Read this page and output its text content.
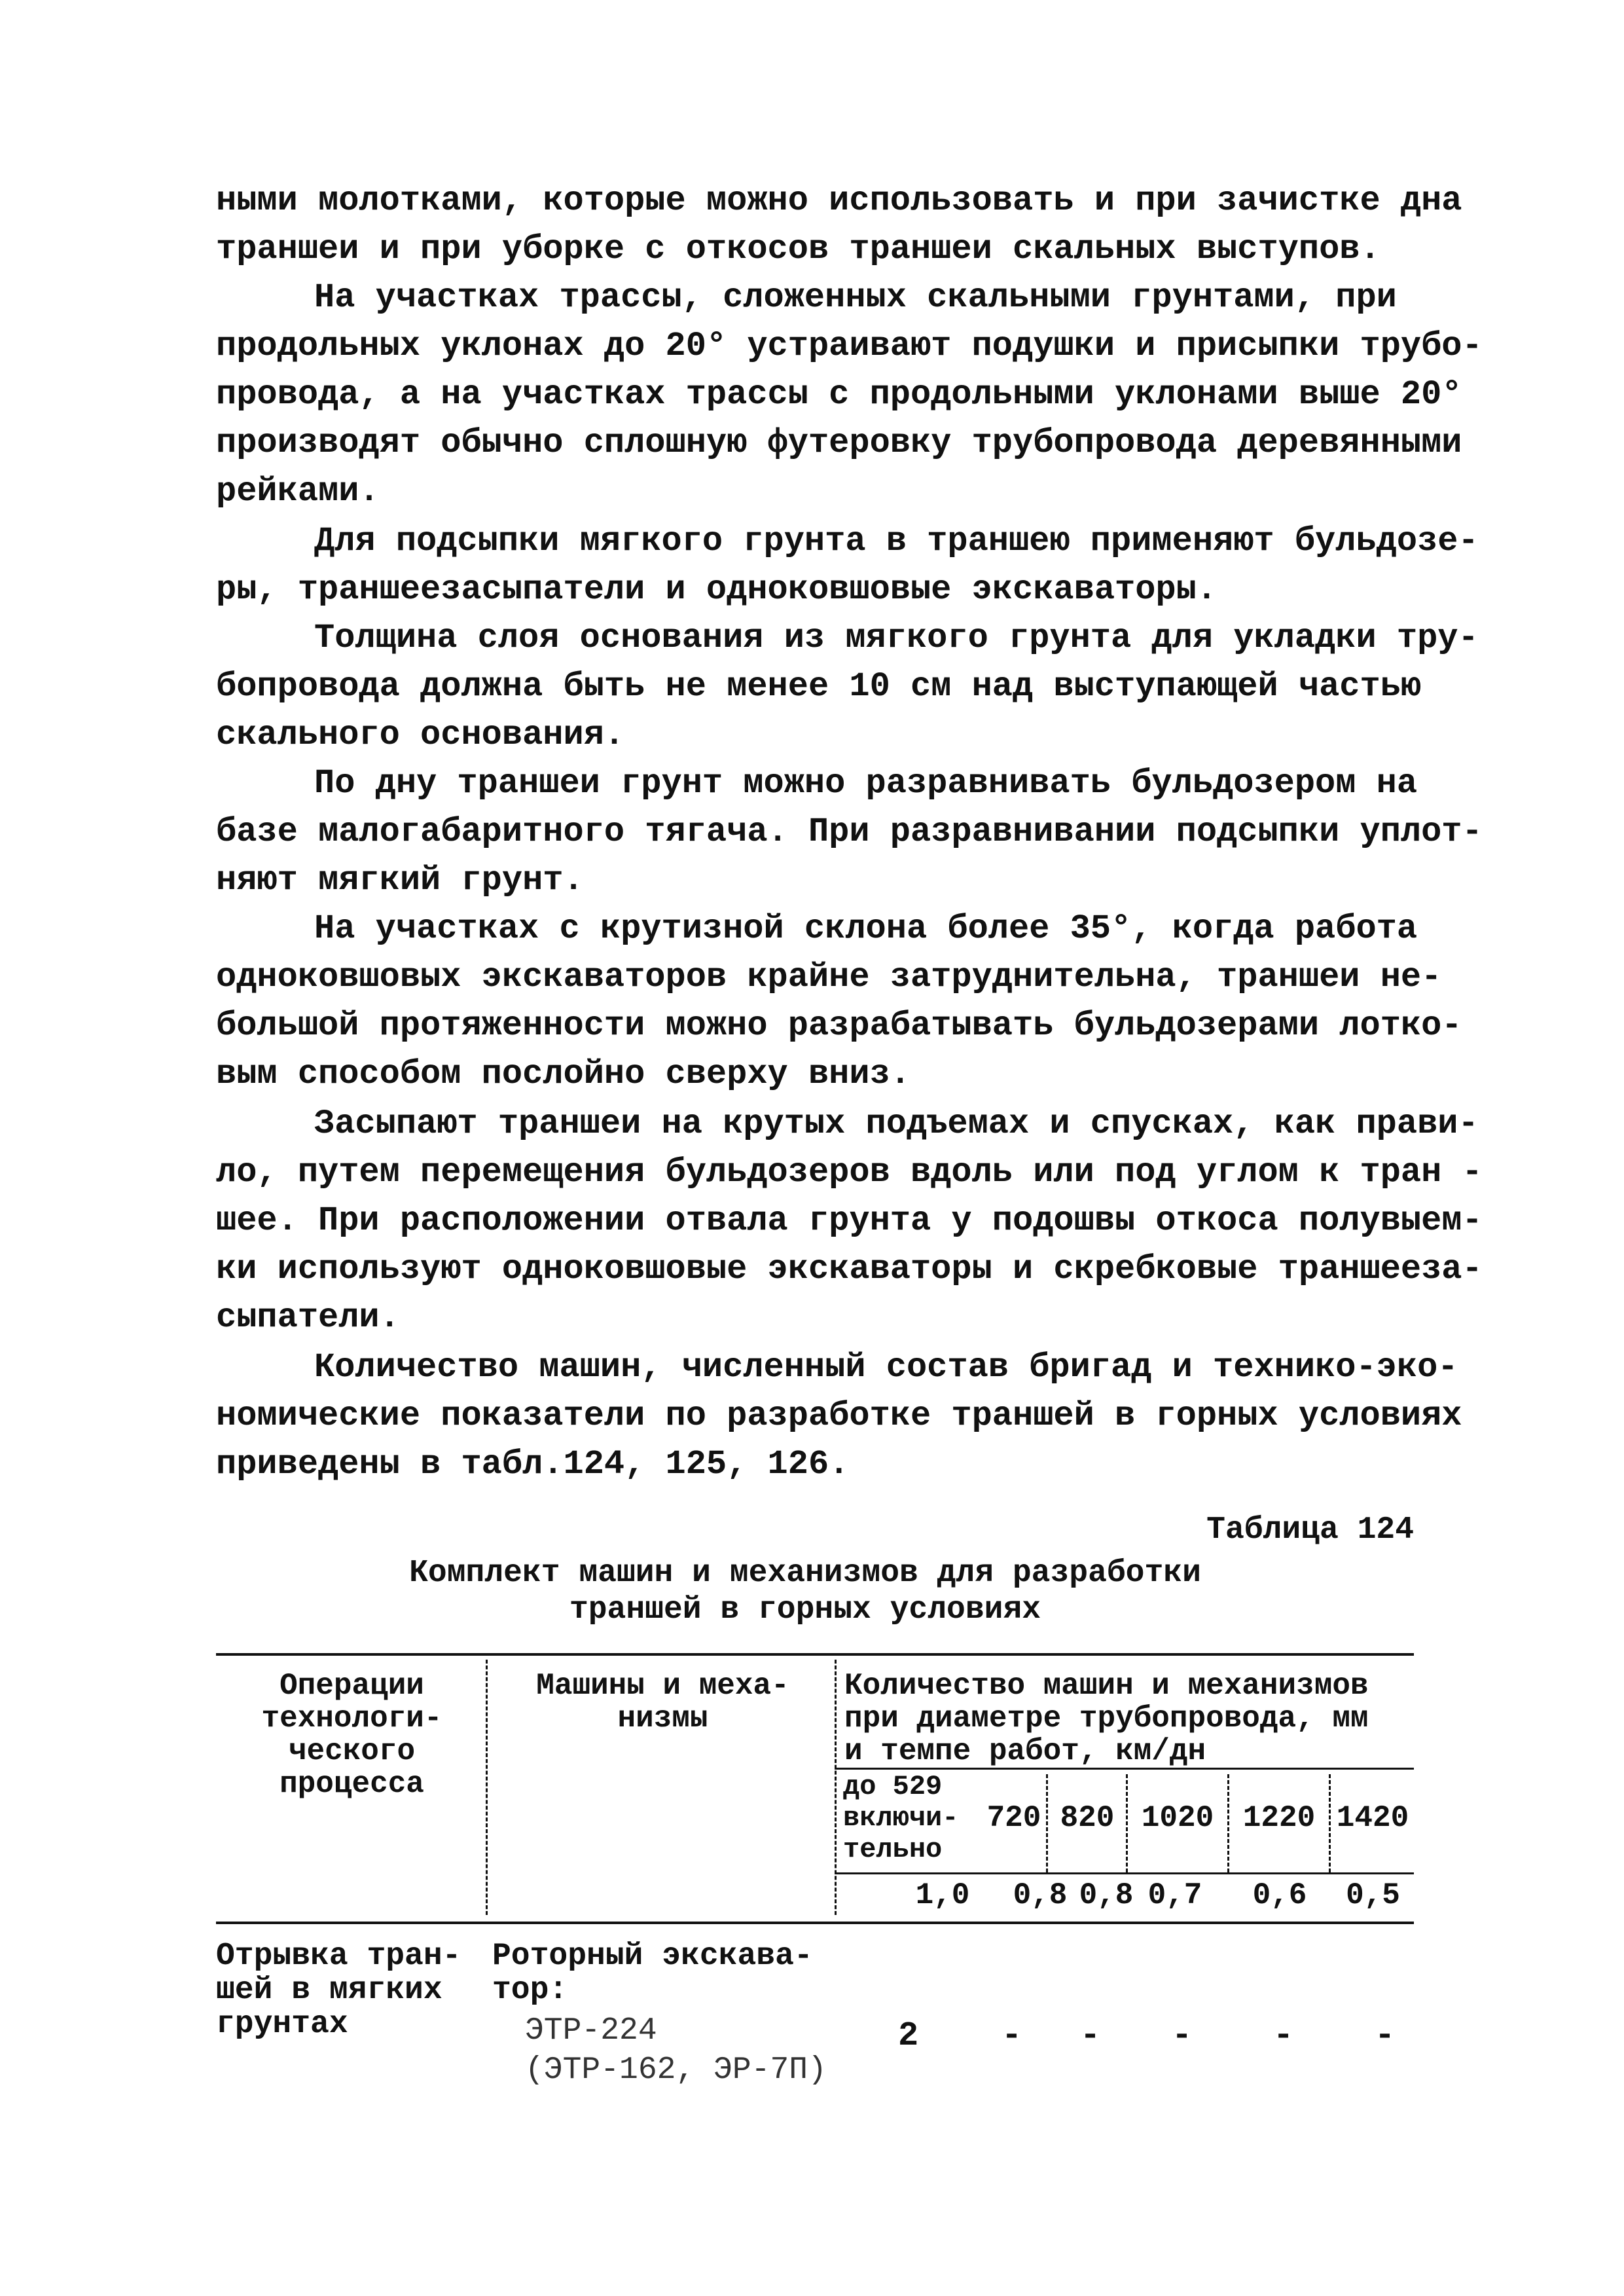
ными молотками, которые можно использовать и при зачистке дна
траншеи и при уборке с откосов траншеи скальных выступов.
На участках трассы, сложенных скальными грунтами, при
продольных уклонах до 20° устраивают подушки и присыпки трубо-
провода, а на участках трассы с продольными уклонами выше 20°
производят обычно сплошную футеровку трубопровода деревянными
рейками.
Для подсыпки мягкого грунта в траншею применяют бульдозе-
ры, траншеезасыпатели и одноковшовые экскаваторы.
Толщина слоя основания из мягкого грунта для укладки тру-
бопровода должна быть не менее 10 см над выступающей частью
скального основания.
По дну траншеи грунт можно разравнивать бульдозером на
базе малогабаритного тягача. При разравнивании подсыпки уплот-
няют мягкий грунт.
На участках с крутизной склона более 35°, когда работа
одноковшовых экскаваторов крайне затруднительна, траншеи не-
большой протяженности можно разрабатывать бульдозерами лотко-
вым способом послойно сверху вниз.
Засыпают траншеи на крутых подъемах и спусках, как прави-
ло, путем перемещения бульдозеров вдоль или под углом к тран -
шее. При расположении отвала грунта у подошвы откоса полувыем-
ки используют одноковшовые экскаваторы и скребковые траншееза-
сыпатели.
Количество машин, численный состав бригад и технико-эко-
номические показатели по разработке траншей в горных условиях
приведены в табл.124, 125, 126.
Таблица 124
Комплект машин и механизмов для разработки
траншей в горных условиях
Операции
технологи-
ческого
процесса
Машины и меха-
низмы
Количество машин и механизмов
при диаметре трубопровода, мм
и темпе работ, км/дн
до 529
включи-
тельно
720 820 1020 1220 1420
1,0	0,8 0,8 0,7 0,6	0,5
Отрывка тран-
шей в мягких
грунтах
Роторный экскава-
тор:
ЭТР-224
(ЭТР-162, ЭР-7П)
2 - - - - -
